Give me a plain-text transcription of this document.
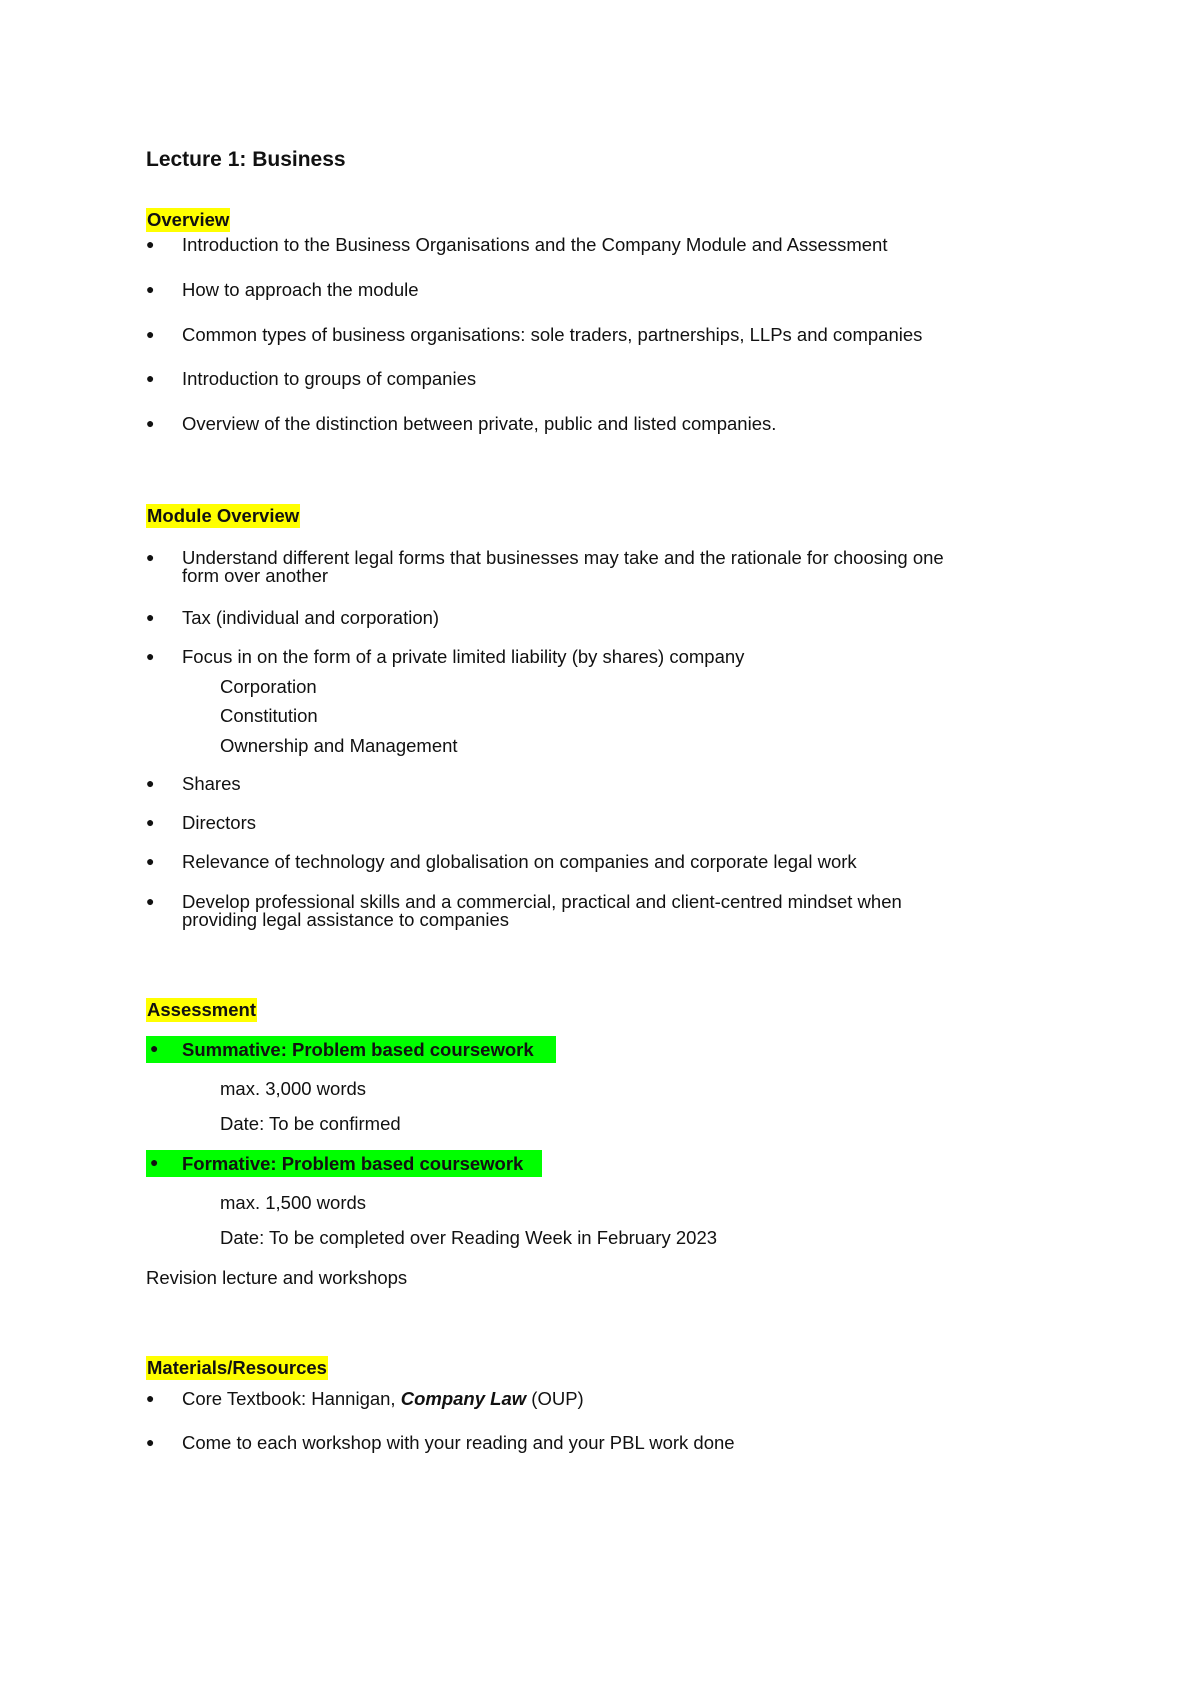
Lecture 1: Business
Overview
● Introduction to the Business Organisations and the Company Module and Assessment
● How to approach the module
● Common types of business organisations: sole traders, partnerships, LLPs and companies
● Introduction to groups of companies
● Overview of the distinction between private, public and listed companies.
Module Overview
● Understand different legal forms that businesses may take and the rationale for choosing one
form over another
● Tax (individual and corporation)
● Focus in on the form of a private limited liability (by shares) company
Corporation
Constitution
Ownership and Management
● Shares
● Directors
● Relevance of technology and globalisation on companies and corporate legal work
● Develop professional skills and a commercial, practical and client-centred mindset when
providing legal assistance to companies
Assessment
● Summative: Problem based coursework
max. 3,000 words
Date: To be confirmed
● Formative: Problem based coursework
max. 1,500 words
Date: To be completed over Reading Week in February 2023
Revision lecture and workshops
Materials/Resources
● Core Textbook: Hannigan, Company Law (OUP)
● Come to each workshop with your reading and your PBL work done
